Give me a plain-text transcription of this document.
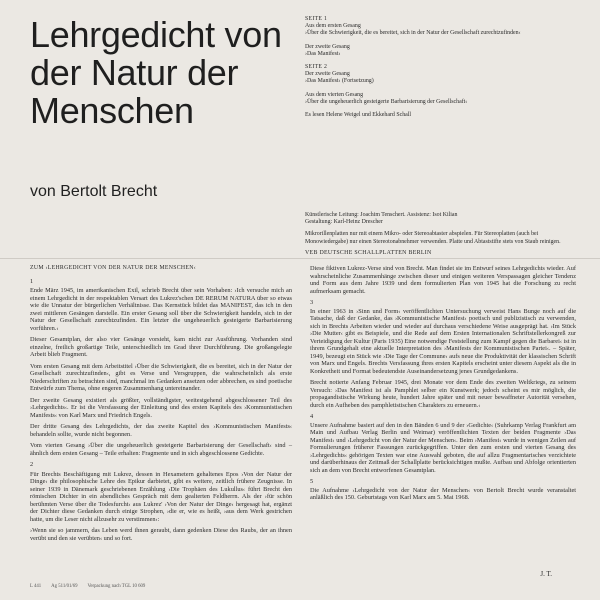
Lehrgedicht von der Natur der Menschen
von Bertolt Brecht
SEITE 1
Aus dem ersten Gesang
›Über die Schwierigkeit, die es bereitet, sich in der Natur der Gesellschaft zurechtzufinden‹
Der zweite Gesang
›Das Manifest‹
SEITE 2
Der zweite Gesang
›Das Manifest‹ (Fortsetzung)
Aus dem vierten Gesang
›Über die ungeheuerlich gesteigerte Barbarisierung der Gesellschaft‹
Es lesen Helene Weigel und Ekkehard Schall
Künstlerische Leitung: Joachim Tenschert. Assistenz: Isot Kilian
Gestaltung: Karl-Heinz Drescher
Mikrorillenplatten nur mit einem Mikro- oder Stereoabtaster abspielen. Für Stereoplatten (auch bei Monowiedergabe) nur einen Stereotonabnehmer verwenden. Platte und Abtaststifte stets von Staub reinigen.
VEB DEUTSCHE SCHALLPLATTEN BERLIN
ZUM ›LEHRGEDICHT VON DER NATUR DER MENSCHEN‹
1

Ende März 1945, im amerikanischen Exil, schrieb Brecht über sein Vorhaben: ›Ich versuche mich an einem Lehrgedicht in der respektablen Versart des Lukrez'schen DE RERUM NATURA über so etwas wie die Unnatur der bürgerlichen Verhältnisse. Das Kernstück bildet das MANIFEST, das ich in den zwei mittleren Gesängen darstelle. Ein erster Gesang soll über die Schwierigkeit handeln, sich in der Natur der Gesellschaft zurechtzufinden. Ein letzter die ungeheuerlich gesteigerte Barbarisierung vorführen.‹

Dieser Gesamtplan, der also vier Gesänge vorsieht, kam nicht zur Ausführung. Vorhanden sind einzelne, freilich großartige Teile, unterschiedlich im Grad ihrer Durchführung. Die großangelegte Arbeit blieb Fragment.

Vom ersten Gesang mit dem Arbeitstitel ›Über die Schwierigkeit, die es bereitet, sich in der Natur der Gesellschaft zurechtzufinden‹, gibt es Verse und Versgruppen, die wahrscheinlich als erste Niederschriften zu betrachten sind, manchmal im Gedanken ansetzen oder abbrechen, es sind poetische Entwürfe zum Thema, ohne engeren Zusammenhang untereinander.

Der zweite Gesang existiert als größter, vollständigster, weitestgehend abgeschlossener Teil des ›Lehrgedichts‹. Er ist die Versfassung der Einleitung und des ersten Kapitels des ›Kommunistischen Manifests‹ von Karl Marx und Friedrich Engels.

Der dritte Gesang des Lehrgedichts, der das zweite Kapitel des ›Kommunistischen Manifests‹ behandeln sollte, wurde nicht begonnen.

Vom vierten Gesang ›Über die ungeheuerlich gesteigerte Barbarisierung der Gesellschaft‹ sind – ähnlich dem ersten Gesang – Teile erhalten: Fragmente und in sich abgeschlossene Gedichte.

2

Für Brechts Beschäftigung mit Lukrez, dessen in Hexametern gehaltenes Epos ›Von der Natur der Dinge‹ die philosophische Lehre des Epikur darbietet, gibt es weitere, zeitlich frühere Zeugnisse. In seiner 1939 in Dänemark geschriebenen Erzählung ›Die Trophäen des Lukullus‹ führt Brecht den römischen Dichter in ein abendliches Gespräch mit dem gealterten Feldherrn. Als der ›für schön berühmten Verse über die Todesfurcht‹ aus Lukrez' ›Von der Natur der Dinge‹ hergesagt hat, ergänzt der Dichter diese Gedanken durch einige Strophen, ›die er, wie es heißt, ›aus dem Werk gestrichen hatte, um die Leser nicht allzusehr zu verstimmen‹:

›Wenn sie so jammern, das Leben werd ihnen geraubt, dann gedenken Diese des Raubs, der an ihnen verübt und den sie verübten‹ und so fort.

Diese fiktiven Lukrez-Verse sind von Brecht. Man findet sie im Entwurf seines Lehrgedichts wieder. Auf wahrscheinliche Zusammenhänge zwischen dieser und einigen weiteren Verspassagen gleicher Tendenz und Form aus dem Jahre 1939 und dem formulierten Plan von 1945 hat die Forschung zu recht aufmerksam gemacht.

3

In einer 1963 in ›Sinn und Form‹ veröffentlichten Untersuchung verweist Hans Bunge noch auf die Tatsache, daß der Gedanke, das ›Kommunistische Manifest‹ poetisch und publizistisch zu verwenden, sich in Brechts Arbeiten wieder und wieder auf durchaus verschiedene Weise ausgeprägt hat. ›Im Stück ›Die Mutter‹ gibt es Beispiele, und die Rede auf dem Ersten Internationalen Schriftstellerkongreß zur Verteidigung der Kultur (Paris 1935) Eine notwendige Feststellung zum Kampf gegen die Barbarei‹ ist in ihrem Grundgehalt eine aktuelle Interpretation des ›Manifests der Kommunistischen Partei‹. – Später, 1949, bezeugt ein Stück wie ›Die Tage der Commune‹ aufs neue die Produktivität der klassischen Schrift von Marx und Engels. Brechts Versfassung ihres ersten Kapitels erscheint unter diesem Aspekt als die in Konkretheit und Format bedeutendste Auseinandersetzung jenes Grundgedankens.

Brecht notierte Anfang Februar 1945, drei Monate vor dem Ende des zweiten Weltkriegs, zu seinem Versuch: ›Das Manifest ist als Pamphlet selber ein Kunstwerk; jedoch scheint es mir möglich, die propagandistische Wirkung heute, hundert Jahre später und mit neuer bewaffneter Autorität versehen, durch ein Aufheben des pamphletistischen Charakters zu erneuern.‹

4

Unsere Aufnahme basiert auf den in den Bänden 6 und 9 der ›Gedichte‹ (Suhrkamp Verlag Frankfurt am Main und Aufbau Verlag Berlin und Weimar) veröffentlichten Texten der beiden Fragmente ›Das Manifest‹ und ›Lehrgedicht von der Natur der Menschen‹. Beim ›Manifest‹ wurde in wenigen Zeilen auf Formulierungen früherer Fassungen zurückgegriffen. Unter den zum ersten und vierten Gesang des ›Lehrgedichts‹ gehörigen Texten war eine Auswahl geboten, die auf allzu Fragmentarisches verzichtete und darüberhinaus der Zeitmaß der Schallplatte berücksichtigen mußte. Aufbau und Abfolge orientierten sich an dem von Brecht entworfenen Gesamtplan.

5

Die Aufnahme ›Lehrgedicht von der Natur der Menschen‹ von Bertolt Brecht wurde veranstaltet anläßlich des 150. Geburtstags von Karl Marx am 5. Mai 1968.

J. T.
L 441 Ag 511/01/69 Verpackung nach TGL 10 609
